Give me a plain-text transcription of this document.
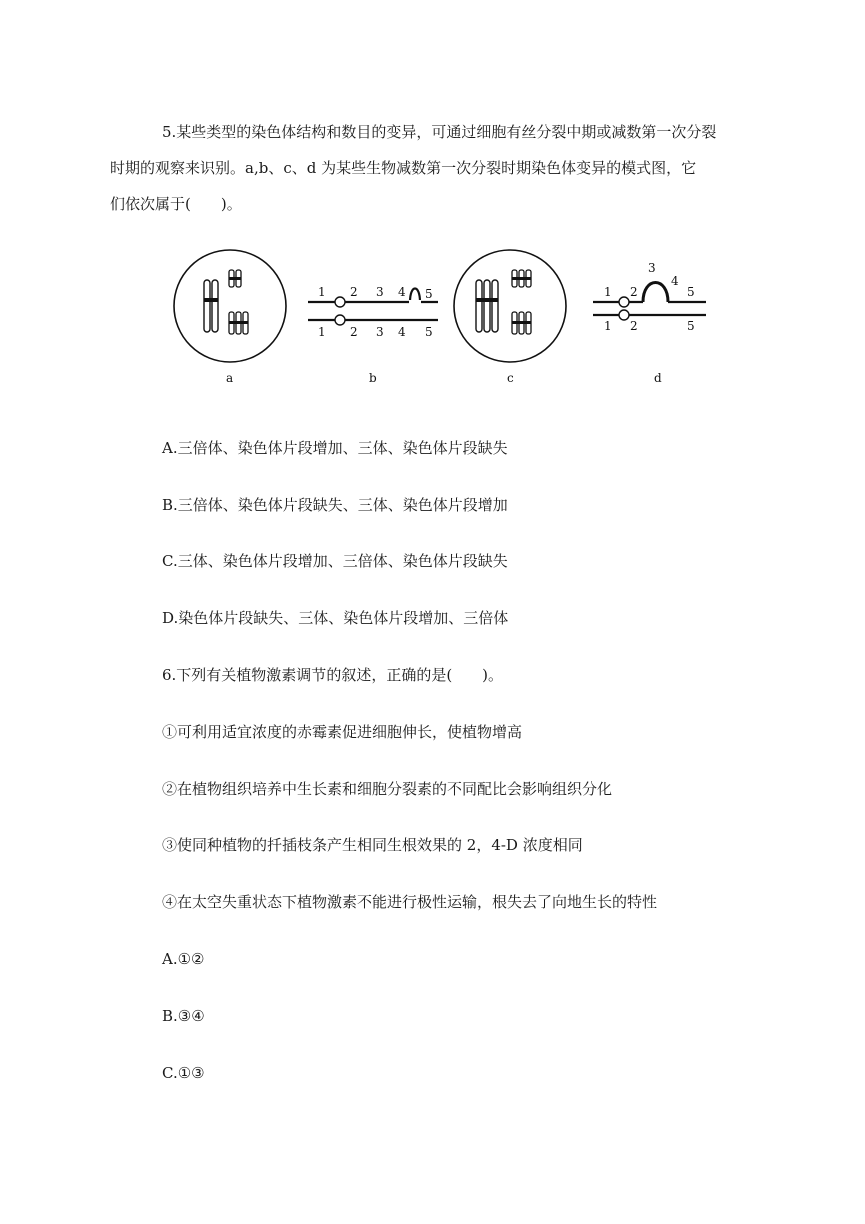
5.某些类型的染色体结构和数目的变异，可通过细胞有丝分裂中期或减数第一次分裂
时期的观察来识别。a,b、c、d 为某些生物减数第一次分裂时期染色体变异的模式图，它
们依次属于(　　)。
a
1 2 3 4 5
1 2 3 4 5
b	c
1 2
3
4
5
1 2	5
d
A.三倍体、染色体片段增加、三体、染色体片段缺失
B.三倍体、染色体片段缺失、三体、染色体片段增加
C.三体、染色体片段增加、三倍体、染色体片段缺失
D.染色体片段缺失、三体、染色体片段增加、三倍体
6.下列有关植物激素调节的叙述，正确的是(　　)。
①可利用适宜浓度的赤霉素促进细胞伸长，使植物增高
②在植物组织培养中生长素和细胞分裂素的不同配比会影响组织分化
③使同种植物的扦插枝条产生相同生根效果的 2，4-D 浓度相同
④在太空失重状态下植物激素不能进行极性运输，根失去了向地生长的特性
A.①②
B.③④
C.①③
